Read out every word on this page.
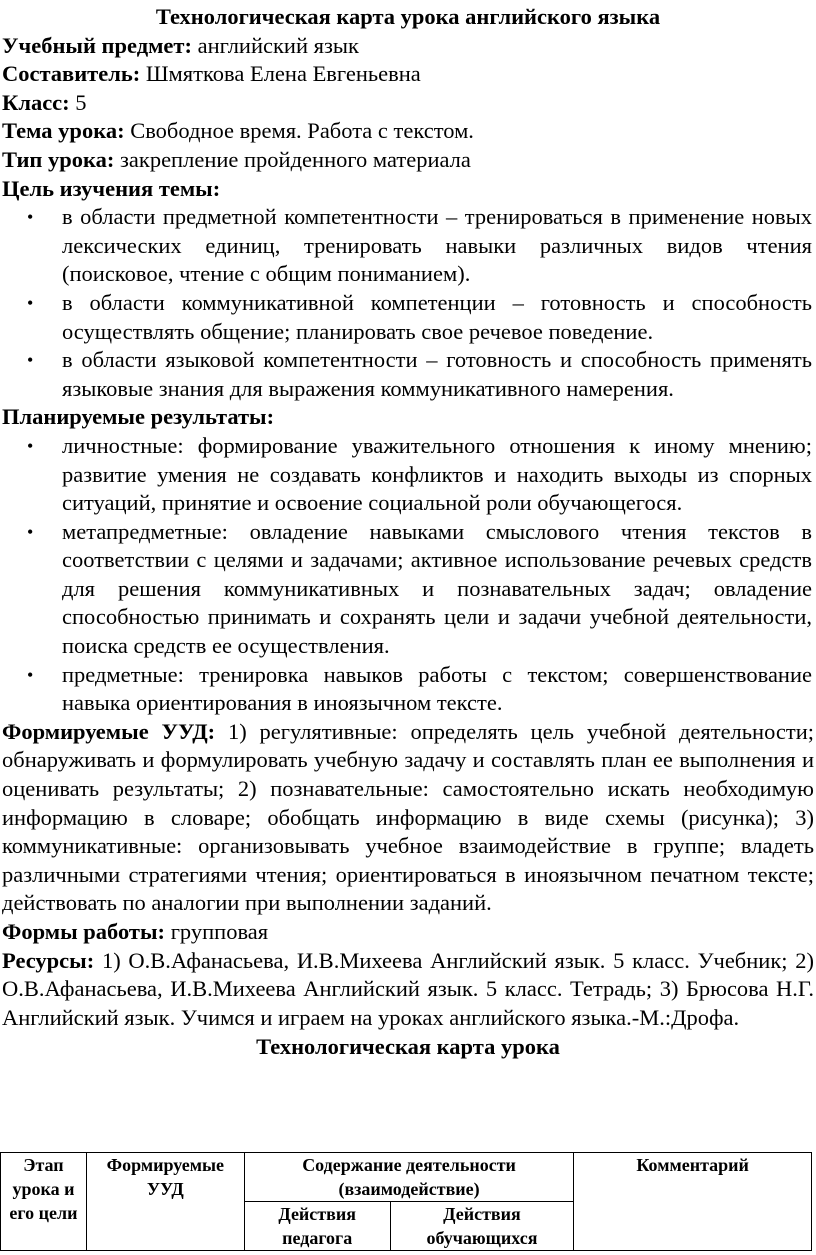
Технологическая карта урока английского языка

Учебный предмет: английский язык

Составитель: Шмяткова Елена Евгеньевна

Класс: 5

Тема урока: Свободное время. Работа с текстом.

Тип урока: закрепление пройденного материала

Цель изучения темы:

• в области предметной компетентности – тренироваться в применение новых лексических единиц, тренировать навыки различных видов чтения (поисковое, чтение с общим пониманием).
• в области коммуникативной компетенции – готовность и способность осуществлять общение; планировать свое речевое поведение.
• в области языковой компетентности – готовность и способность применять языковые знания для выражения коммуникативного намерения.

Планируемые результаты:

• личностные: формирование уважительного отношения к иному мнению; развитие умения не создавать конфликтов и находить выходы из спорных ситуаций, принятие и освоение социальной роли обучающегося.
• метапредметные: овладение навыками смыслового чтения текстов в соответствии с целями и задачами; активное использование речевых средств для решения коммуникативных и познавательных задач; овладение способностью принимать и сохранять цели и задачи учебной деятельности, поиска средств ее осуществления.
• предметные: тренировка навыков работы с текстом; совершенствование навыка ориентирования в иноязычном тексте.

Формируемые УУД: 1) регулятивные: определять цель учебной деятельности; обнаруживать и формулировать учебную задачу и составлять план ее выполнения и оценивать результаты; 2) познавательные: самостоятельно искать необходимую информацию в словаре; обобщать информацию в виде схемы (рисунка); 3) коммуникативные: организовывать учебное взаимодействие в группе; владеть различными стратегиями чтения; ориентироваться в иноязычном печатном тексте; действовать по аналогии при выполнении заданий.

Формы работы: групповая

Ресурсы: 1) О.В.Афанасьева, И.В.Михеева Английский язык. 5 класс. Учебник; 2) О.В.Афанасьева, И.В.Михеева Английский язык. 5 класс. Тетрадь; 3) Брюсова Н.Г. Английский язык. Учимся и играем на уроках английского языка.-М.:Дрофа.

Технологическая карта урока

Этап урока и его цели	Формируемые УУД	Содержание деятельности (взаимодействие)		Комментарий
		Действия педагога	Действия обучающихся	
